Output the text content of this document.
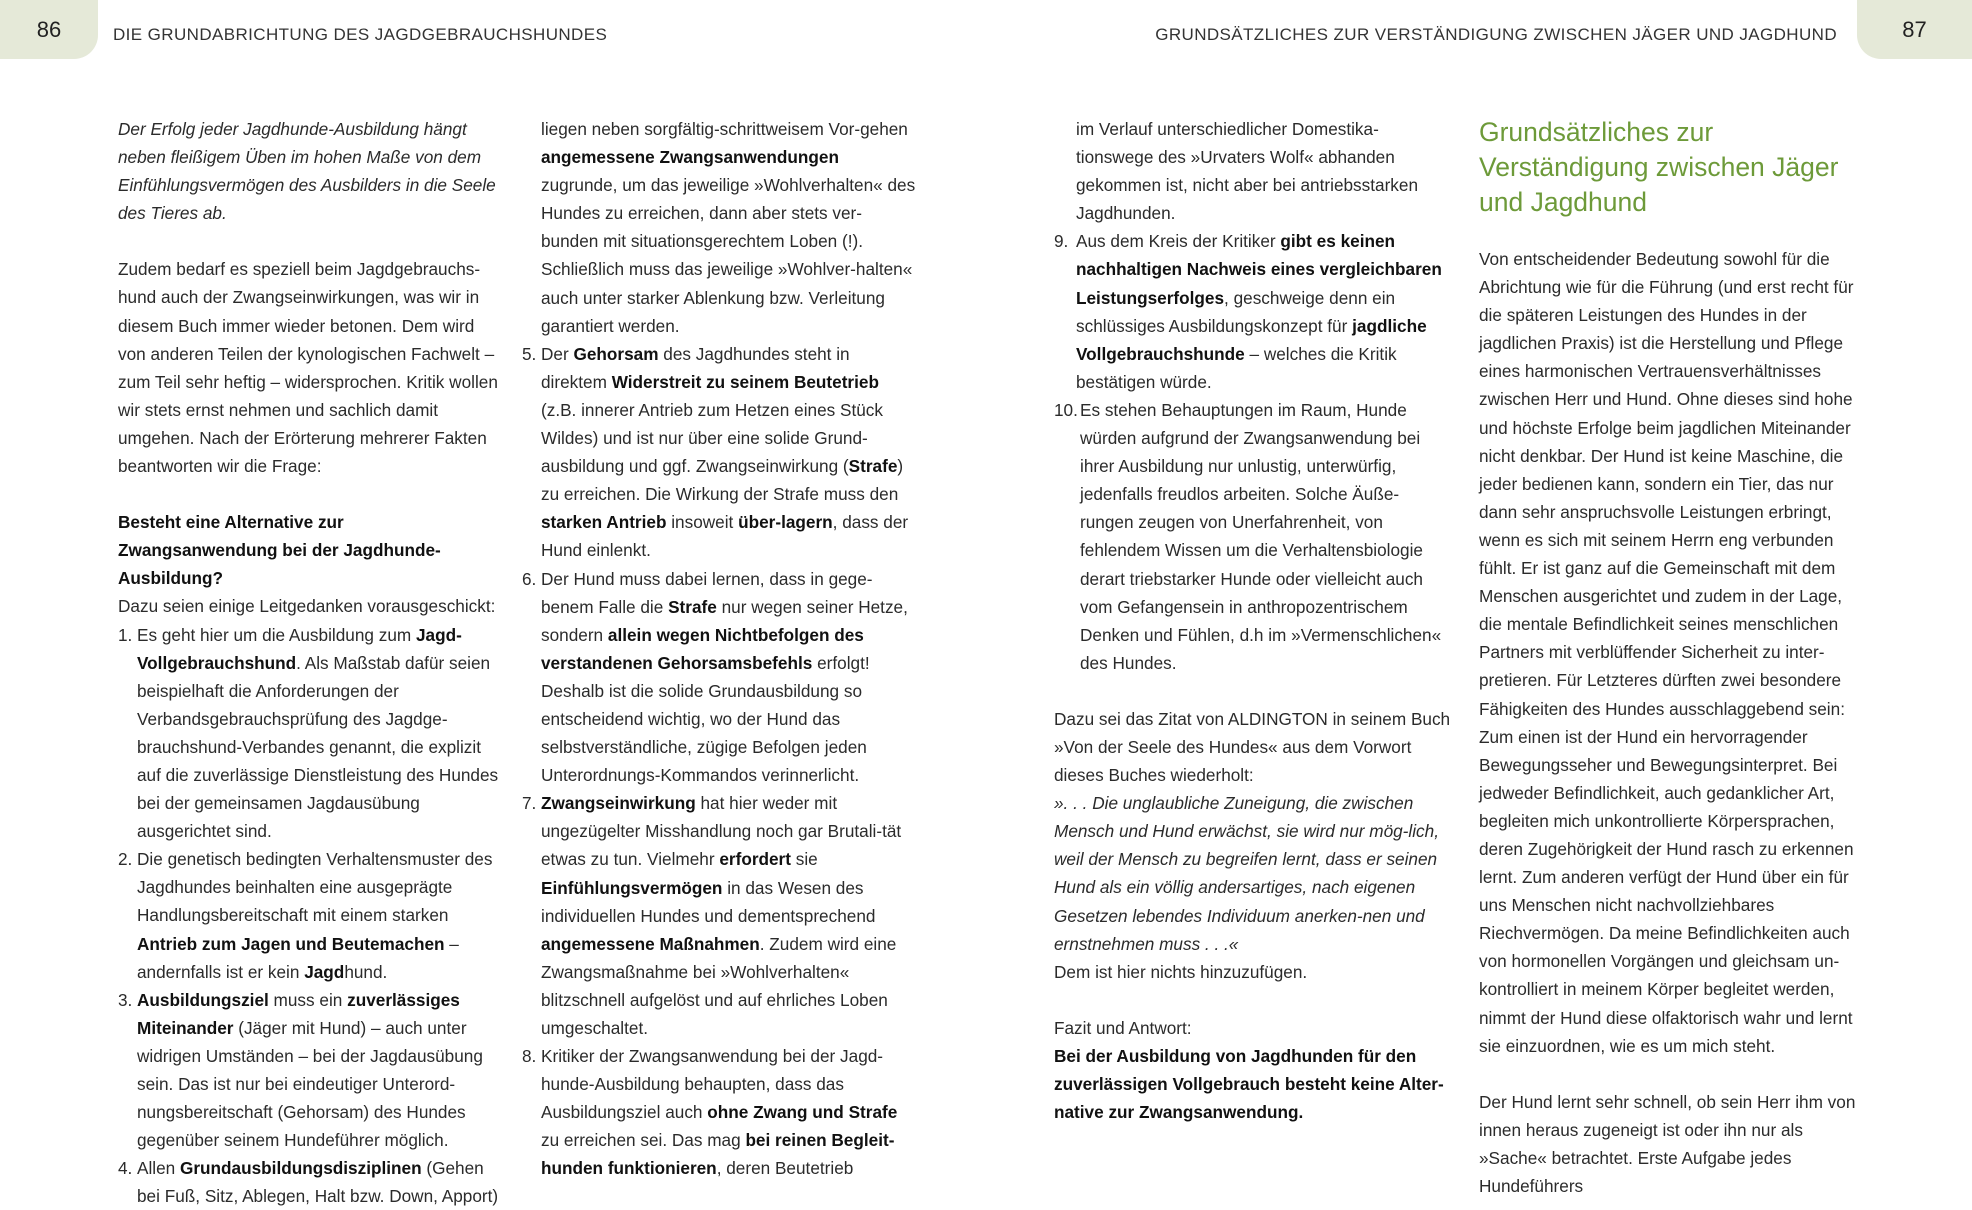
86	DIE GRUNDABRICHTUNG DES JAGDGEBRAUCHSHUNDES	GRUNDSÄTZLICHES ZUR VERSTÄNDIGUNG ZWISCHEN JÄGER UND JAGDHUND	87

Der Erfolg jeder Jagdhunde-Ausbildung hängt neben fleißigem Üben im hohen Maße von dem Einfühlungsvermögen des Ausbilders in die Seele des Tieres ab.

Zudem bedarf es speziell beim Jagdgebrauchs-hund auch der Zwangseinwirkungen, was wir in diesem Buch immer wieder betonen. Dem wird von anderen Teilen der kynologischen Fachwelt – zum Teil sehr heftig – widersprochen. Kritik wollen wir stets ernst nehmen und sachlich damit umgehen. Nach der Erörterung mehrerer Fakten beantworten wir die Frage:

Besteht eine Alternative zur Zwangsanwendung bei der Jagdhunde-Ausbildung?

Dazu seien einige Leitgedanken vorausgeschickt:

1. Es geht hier um die Ausbildung zum Jagd-Vollgebrauchshund. Als Maßstab dafür seien beispielhaft die Anforderungen der Verbandsgebrauchsprüfung des Jagdge-brauchshund-Verbandes genannt, die explizit auf die zuverlässige Dienstleistung des Hundes bei der gemeinsamen Jagdausübung ausgerichtet sind.
2. Die genetisch bedingten Verhaltensmuster des Jagdhundes beinhalten eine ausgeprägte Handlungsbereitschaft mit einem starken Antrieb zum Jagen und Beutemachen – andernfalls ist er kein Jagdhund.
3. Ausbildungsziel muss ein zuverlässiges Miteinander (Jäger mit Hund) – auch unter widrigen Umständen – bei der Jagdausübung sein. Das ist nur bei eindeutiger Unterord-nungsbereitschaft (Gehorsam) des Hundes gegenüber seinem Hundeführer möglich.
4. Allen Grundausbildungsdisziplinen (Gehen bei Fuß, Sitz, Ablegen, Halt bzw. Down, Apport)

liegen neben sorgfältig-schrittweisem Vor-gehen angemessene Zwangsanwendungen zugrunde, um das jeweilige »Wohlverhalten« des Hundes zu erreichen, dann aber stets ver-bunden mit situationsgerechtem Loben (!). Schließlich muss das jeweilige »Wohlver-halten« auch unter starker Ablenkung bzw. Verleitung garantiert werden.

5. Der Gehorsam des Jagdhundes steht in direktem Widerstreit zu seinem Beutetrieb (z.B. innerer Antrieb zum Hetzen eines Stück Wildes) und ist nur über eine solide Grund-ausbildung und ggf. Zwangseinwirkung (Strafe) zu erreichen. Die Wirkung der Strafe muss den starken Antrieb insoweit über-lagern, dass der Hund einlenkt.
6. Der Hund muss dabei lernen, dass in gege-benem Falle die Strafe nur wegen seiner Hetze, sondern allein wegen Nichtbefolgen des verstandenen Gehorsamsbefehls erfolgt! Deshalb ist die solide Grundausbildung so entscheidend wichtig, wo der Hund das selbstverständliche, zügige Befolgen jeden Unterordnungs-Kommandos verinnerlicht.
7. Zwangseinwirkung hat hier weder mit ungezügelter Misshandlung noch gar Brutali-tät etwas zu tun. Vielmehr erfordert sie Einfühlungsvermögen in das Wesen des individuellen Hundes und dementsprechend angemessene Maßnahmen. Zudem wird eine Zwangsmaßnahme bei »Wohlverhalten« blitzschnell aufgelöst und auf ehrliches Loben umgeschaltet.
8. Kritiker der Zwangsanwendung bei der Jagd-hunde-Ausbildung behaupten, dass das Ausbildungsziel auch ohne Zwang und Strafe zu erreichen sei. Das mag bei reinen Begleit-hunden funktionieren, deren Beutetrieb

im Verlauf unterschiedlicher Domestika-tionswege des »Urvaters Wolf« abhanden gekommen ist, nicht aber bei antriebsstarken Jagdhunden.

9. Aus dem Kreis der Kritiker gibt es keinen nachhaltigen Nachweis eines vergleichbaren Leistungserfolges, geschweige denn ein schlüssiges Ausbildungskonzept für jagdliche Vollgebrauchshunde – welches die Kritik bestätigen würde.
10. Es stehen Behauptungen im Raum, Hunde würden aufgrund der Zwangsanwendung bei ihrer Ausbildung nur unlustig, unterwürfig, jedenfalls freudlos arbeiten. Solche Äuße-rungen zeugen von Unerfahrenheit, von fehlendem Wissen um die Verhaltensbiologie derart triebstarker Hunde oder vielleicht auch vom Gefangensein in anthropozentrischem Denken und Fühlen, d.h im »Vermenschlichen« des Hundes.

Dazu sei das Zitat von ALDINGTON in seinem Buch »Von der Seele des Hundes« aus dem Vorwort dieses Buches wiederholt:

». . . Die unglaubliche Zuneigung, die zwischen Mensch und Hund erwächst, sie wird nur mög-lich, weil der Mensch zu begreifen lernt, dass er seinen Hund als ein völlig andersartiges, nach eigenen Gesetzen lebendes Individuum anerken-nen und ernstnehmen muss . . .«

Dem ist hier nichts hinzuzufügen.

Fazit und Antwort:

Bei der Ausbildung von Jagdhunden für den zuverlässigen Vollgebrauch besteht keine Alter-native zur Zwangsanwendung.

Grundsätzliches zur Verständigung zwischen Jäger und Jagdhund

Von entscheidender Bedeutung sowohl für die Abrichtung wie für die Führung (und erst recht für die späteren Leistungen des Hundes in der jagdlichen Praxis) ist die Herstellung und Pflege eines harmonischen Vertrauensverhältnisses zwischen Herr und Hund. Ohne dieses sind hohe und höchste Erfolge beim jagdlichen Miteinander nicht denkbar. Der Hund ist keine Maschine, die jeder bedienen kann, sondern ein Tier, das nur dann sehr anspruchsvolle Leistungen erbringt, wenn es sich mit seinem Herrn eng verbunden fühlt. Er ist ganz auf die Gemeinschaft mit dem Menschen ausgerichtet und zudem in der Lage, die mentale Befindlichkeit seines menschlichen Partners mit verblüffender Sicherheit zu inter-pretieren. Für Letzteres dürften zwei besondere Fähigkeiten des Hundes ausschlaggebend sein: Zum einen ist der Hund ein hervorragender Bewegungsseher und Bewegungsinterpret. Bei jedweder Befindlichkeit, auch gedanklicher Art, begleiten mich unkontrollierte Körpersprachen, deren Zugehörigkeit der Hund rasch zu erkennen lernt. Zum anderen verfügt der Hund über ein für uns Menschen nicht nachvollziehbares Riechvermögen. Da meine Befindlichkeiten auch von hormonellen Vorgängen und gleichsam un-kontrolliert in meinem Körper begleitet werden, nimmt der Hund diese olfaktorisch wahr und lernt sie einzuordnen, wie es um mich steht.

Der Hund lernt sehr schnell, ob sein Herr ihm von innen heraus zugeneigt ist oder ihn nur als »Sache« betrachtet. Erste Aufgabe jedes Hundeführers
